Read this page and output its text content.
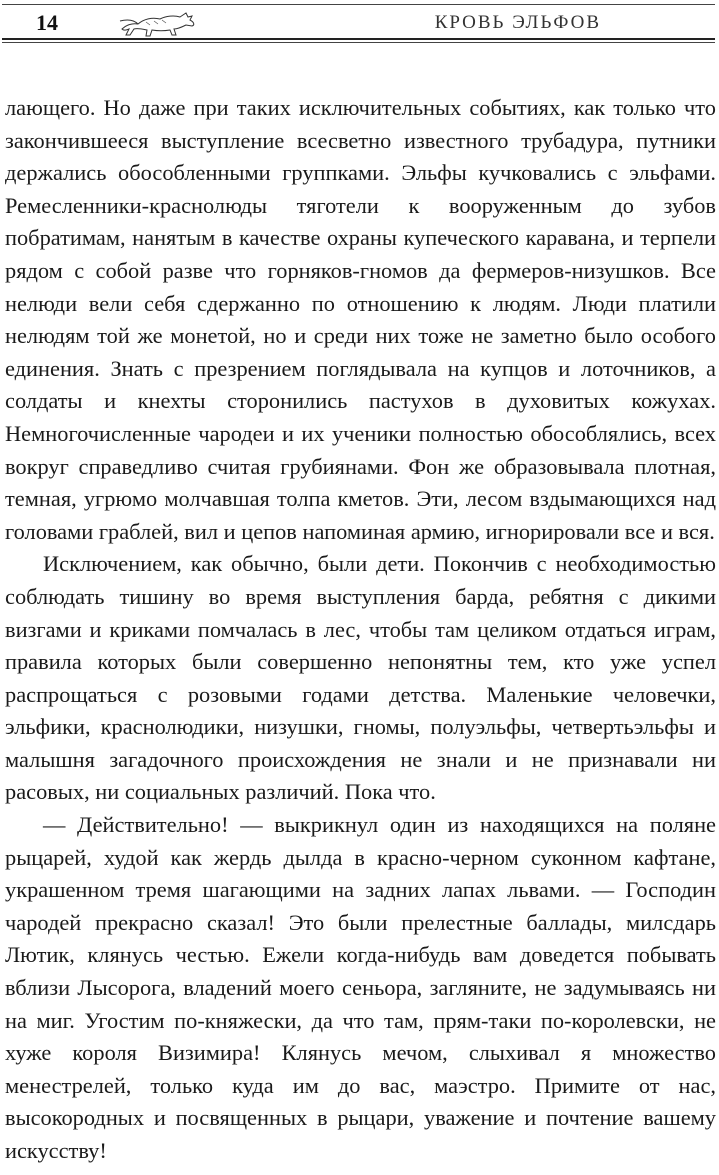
14	КРОВЬ ЭЛЬФОВ

лающего. Но даже при таких исключительных событиях, как только что закончившееся выступление всесветно известного трубадура, путники держались обособленными группками. Эльфы кучковались с эльфами. Ремесленники-краснолюды тяготели к вооруженным до зубов побратимам, нанятым в качестве охраны купеческого каравана, и терпели рядом с собой разве что горняков-гномов да фермеров-низушков. Все нелюди вели себя сдержанно по отношению к людям. Люди платили нелюдям той же монетой, но и среди них тоже не заметно было особого единения. Знать с презрением поглядывала на купцов и лоточников, а солдаты и кнехты сторонились пастухов в духовитых кожухах. Немногочисленные чародеи и их ученики полностью обособлялись, всех вокруг справедливо считая грубиянами. Фон же образовывала плотная, темная, угрюмо молчавшая толпа кметов. Эти, лесом вздымающихся над головами граблей, вил и цепов напоминая армию, игнорировали все и вся.

Исключением, как обычно, были дети. Покончив с необходимостью соблюдать тишину во время выступления барда, ребятня с дикими визгами и криками помчалась в лес, чтобы там целиком отдаться играм, правила которых были совершенно непонятны тем, кто уже успел распрощаться с розовыми годами детства. Маленькие человечки, эльфики, краснолюдики, низушки, гномы, полуэльфы, четвертьэльфы и малышня загадочного происхождения не знали и не признавали ни расовых, ни социальных различий. Пока что.

— Действительно! — выкрикнул один из находящихся на поляне рыцарей, худой как жердь дылда в красно-черном суконном кафтане, украшенном тремя шагающими на задних лапах львами. — Господин чародей прекрасно сказал! Это были прелестные баллады, милсдарь Лютик, клянусь честью. Ежели когда-нибудь вам доведется побывать вблизи Лысорога, владений моего сеньора, загляните, не задумываясь ни на миг. Угостим по-княжески, да что там, прям-таки по-королевски, не хуже короля Визимира! Клянусь мечом, слыхивал я множество менестрелей, только куда им до вас, маэстро. Примите от нас, высокородных и посвященных в рыцари, уважение и почтение вашему искусству!
